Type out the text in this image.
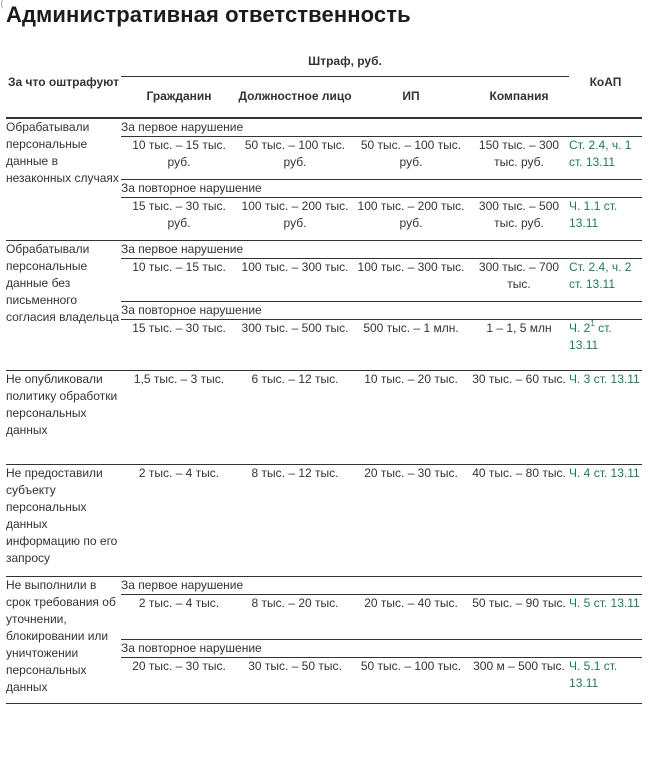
⟨ Административная ответственность
За что оштрафуют	Штраф, руб.				КоАП
	Гражданин	Должностное лицо	ИП	Компания	
Обрабатывали персональные данные в незаконных случаях	За первое нарушение				
	10 тыс. – 15 тыс. руб.	50 тыс. – 100 тыс. руб.	50 тыс. – 100 тыс. руб.	150 тыс. – 300 тыс. руб.	Ст. 2.4, ч. 1 ст. 13.11
	За повторное нарушение				
	15 тыс. – 30 тыс. руб.	100 тыс. – 200 тыс. руб.	100 тыс. – 200 тыс. руб.	300 тыс. – 500 тыс. руб.	Ч. 1.1 ст. 13.11
Обрабатывали персональные данные без письменного согласия владельца	За первое нарушение				
	10 тыс. – 15 тыс.	100 тыс. – 300 тыс.	100 тыс. – 300 тыс.	300 тыс. – 700 тыс.	Ст. 2.4, ч. 2 ст. 13.11
	За повторное нарушение				
	15 тыс. – 30 тыс.	300 тыс. – 500 тыс.	500 тыс. – 1 млн.	1 – 1, 5 млн	Ч. $2^1$ ст. 13.11
Не опубликовали политику обработки персональных данных	1,5 тыс. – 3 тыс.	6 тыс. – 12 тыс.	10 тыс. – 20 тыс.	30 тыс. – 60 тыс.	Ч. 3 ст. 13.11
Не предоставили субъекту персональных данных информацию по его запросу	2 тыс. – 4 тыс.	8 тыс. – 12 тыс.	20 тыс. – 30 тыс.	40 тыс. – 80 тыс.	Ч. 4 ст. 13.11
Не выполнили в срок требования об уточнении, блокировании или уничтожении персональных данных	За первое нарушение				
	2 тыс. – 4 тыс.	8 тыс. – 20 тыс.	20 тыс. – 40 тыс.	50 тыс. – 90 тыс.	Ч. 5 ст. 13.11
	За повторное нарушение				
	20 тыс. – 30 тыс.	30 тыс. – 50 тыс.	50 тыс. – 100 тыс.	300 м – 500 тыс.	Ч. 5.1 ст. 13.11
